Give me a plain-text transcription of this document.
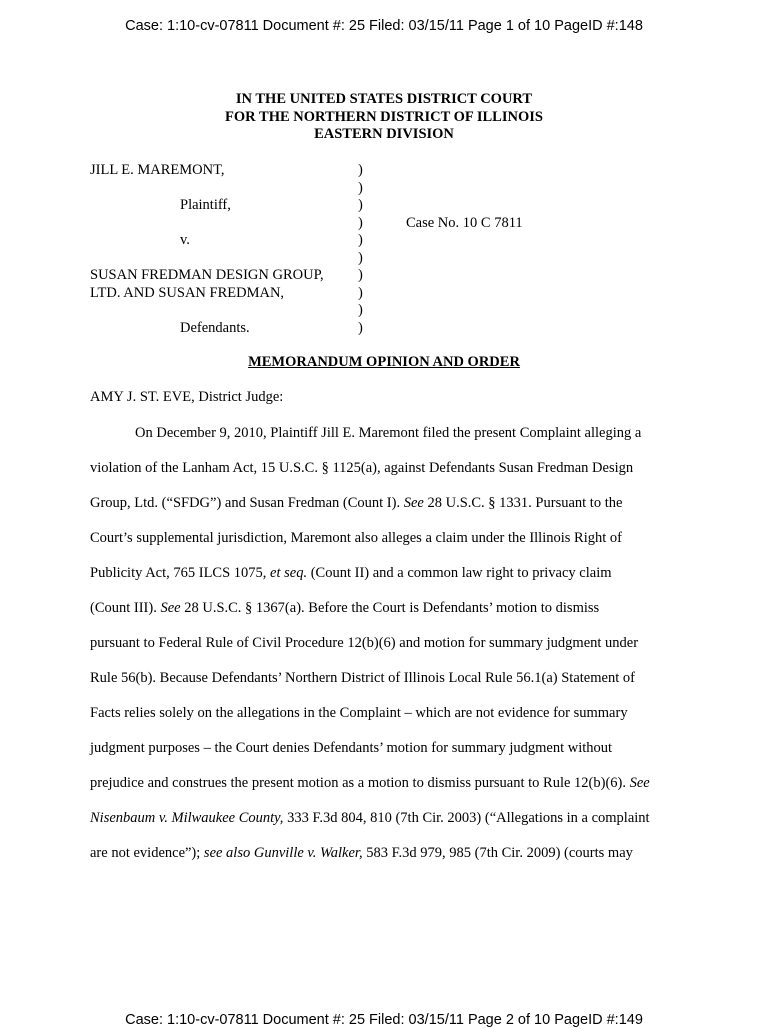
Case: 1:10-cv-07811 Document #: 25 Filed: 03/15/11 Page 1 of 10 PageID #:148
IN THE UNITED STATES DISTRICT COURT
FOR THE NORTHERN DISTRICT OF ILLINOIS
EASTERN DIVISION
JILL E. MAREMONT,
Plaintiff,
v.
SUSAN FREDMAN DESIGN GROUP,
LTD. AND SUSAN FREDMAN,
Defendants.
Case No. 10 C 7811
)
)
)
)
)
)
)
)
)
)
MEMORANDUM OPINION AND ORDER
AMY J. ST. EVE, District Judge:
On December 9, 2010, Plaintiff Jill E. Maremont filed the present Complaint alleging a
violation of the Lanham Act, 15 U.S.C. § 1125(a), against Defendants Susan Fredman Design
Group, Ltd. (“SFDG”) and Susan Fredman (Count I). See 28 U.S.C. § 1331. Pursuant to the
Court’s supplemental jurisdiction, Maremont also alleges a claim under the Illinois Right of
Publicity Act, 765 ILCS 1075, et seq. (Count II) and a common law right to privacy claim
(Count III). See 28 U.S.C. § 1367(a). Before the Court is Defendants’ motion to dismiss
pursuant to Federal Rule of Civil Procedure 12(b)(6) and motion for summary judgment under
Rule 56(b). Because Defendants’ Northern District of Illinois Local Rule 56.1(a) Statement of
Facts relies solely on the allegations in the Complaint – which are not evidence for summary
judgment purposes – the Court denies Defendants’ motion for summary judgment without
prejudice and construes the present motion as a motion to dismiss pursuant to Rule 12(b)(6). See
Nisenbaum v. Milwaukee County, 333 F.3d 804, 810 (7th Cir. 2003) (“Allegations in a complaint
are not evidence”); see also Gunville v. Walker, 583 F.3d 979, 985 (7th Cir. 2009) (courts may
Case: 1:10-cv-07811 Document #: 25 Filed: 03/15/11 Page 2 of 10 PageID #:149
